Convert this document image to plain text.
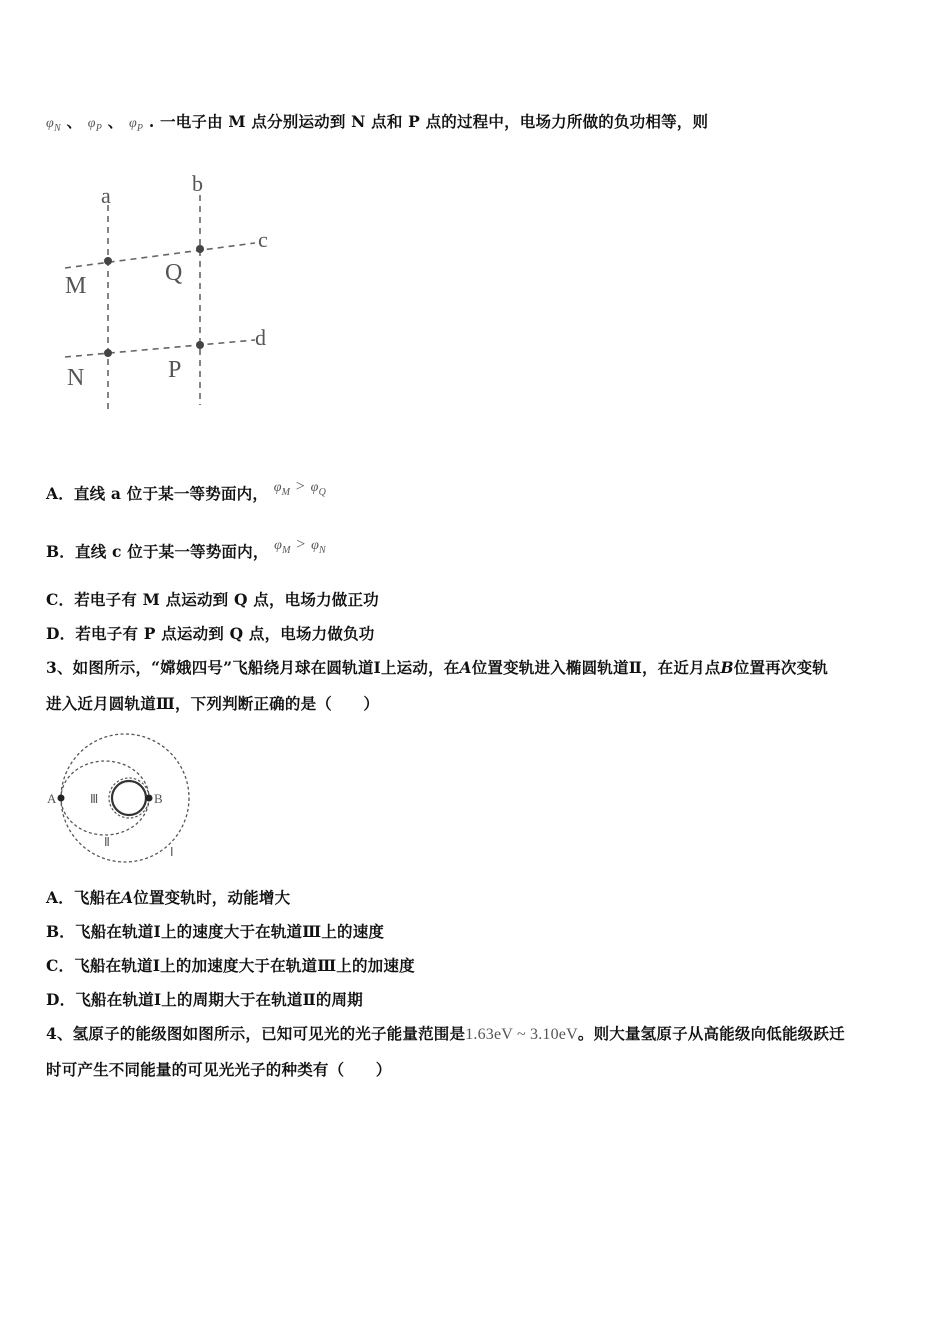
$\varphi_N$ 、 $\varphi_P$ 、 $\varphi_P$ . 一电子由 M 点分别运动到 N 点和 P 点的过程中，电场力所做的负功相等，则
a	b
c
d
M	Q
N	P
A．直线 a 位于某一等势面内， $\varphi_M > \varphi_Q$
B．直线 c 位于某一等势面内， $\varphi_M > \varphi_N$
C．若电子有 M 点运动到 Q 点，电场力做正功
D．若电子有 P 点运动到 Q 点，电场力做负功
3、如图所示，“嫦娥四号”飞船绕月球在圆轨道Ⅰ上运动，在A位置变轨进入椭圆轨道Ⅱ，在近月点B位置再次变轨
进入近月圆轨道Ⅲ，下列判断正确的是（　　）
A	B
Ⅲ
Ⅱ
Ⅰ
A．飞船在A位置变轨时，动能增大
B．飞船在轨道Ⅰ上的速度大于在轨道Ⅲ上的速度
C．飞船在轨道Ⅰ上的加速度大于在轨道Ⅲ上的加速度
D．飞船在轨道Ⅰ上的周期大于在轨道Ⅱ的周期
4、氢原子的能级图如图所示，已知可见光的光子能量范围是1.63eV ~ 3.10eV。则大量氢原子从高能级向低能级跃迁
时可产生不同能量的可见光光子的种类有（　　）
